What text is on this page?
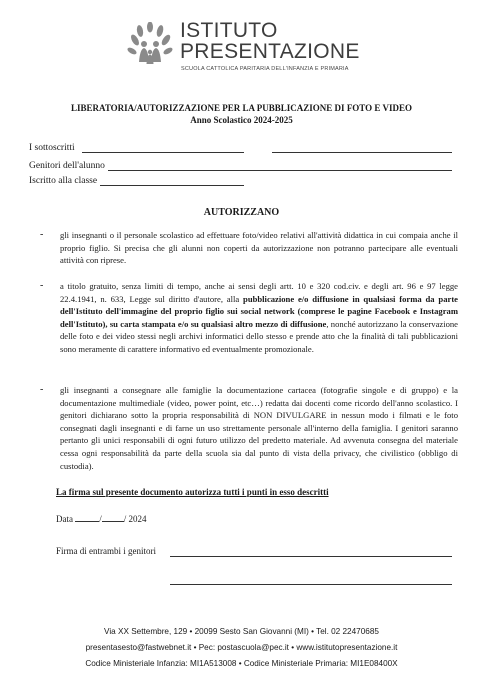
ISTITUTO
PRESENTAZIONE
SCUOLA CATTOLICA PARITARIA DELL'INFANZIA E PRIMARIA
LIBERATORIA/AUTORIZZAZIONE PER LA PUBBLICAZIONE DI FOTO E VIDEO
Anno Scolastico 2024-2025
I sottoscritti
Genitori dell'alunno
Iscritto alla classe
AUTORIZZANO
- gli insegnanti o il personale scolastico ad effettuare foto/video relativi all'attività didattica in cui compaia anche il proprio figlio. Si precisa che gli alunni non coperti da autorizzazione non potranno partecipare alle eventuali attività con riprese.
- a titolo gratuito, senza limiti di tempo, anche ai sensi degli artt. 10 e 320 cod.civ. e degli art. 96 e 97 legge 22.4.1941, n. 633, Legge sul diritto d'autore, alla pubblicazione e/o diffusione in qualsiasi forma da parte dell'Istituto dell'immagine del proprio figlio sui social network (comprese le pagine Facebook e Instagram dell'Istituto), su carta stampata e/o su qualsiasi altro mezzo di diffusione, nonché autorizzano la conservazione delle foto e dei video stessi negli archivi informatici dello stesso e prende atto che la finalità di tali pubblicazioni sono meramente di carattere informativo ed eventualmente promozionale.
- gli insegnanti a consegnare alle famiglie la documentazione cartacea (fotografie singole e di gruppo) e la documentazione multimediale (video, power point, etc…) redatta dai docenti come ricordo dell'anno scolastico. I genitori dichiarano sotto la propria responsabilità di NON DIVULGARE in nessun modo i filmati e le foto consegnati dagli insegnanti e di farne un uso strettamente personale all'interno della famiglia. I genitori saranno pertanto gli unici responsabili di ogni futuro utilizzo del predetto materiale. Ad avvenuta consegna del materiale cessa ogni responsabilità da parte della scuola sia dal punto di vista della privacy, che civilistico (obbligo di custodia).
La firma sul presente documento autorizza tutti i punti in esso descritti
Data	/ / 2024
Firma di entrambi i genitori
Via XX Settembre, 129 • 20099 Sesto San Giovanni (MI) • Tel. 02 22470685
presentasesto@fastwebnet.it • Pec: postascuola@pec.it • www.istitutopresentazione.it
Codice Ministeriale Infanzia: MI1A513008 • Codice Ministeriale Primaria: MI1E08400X
